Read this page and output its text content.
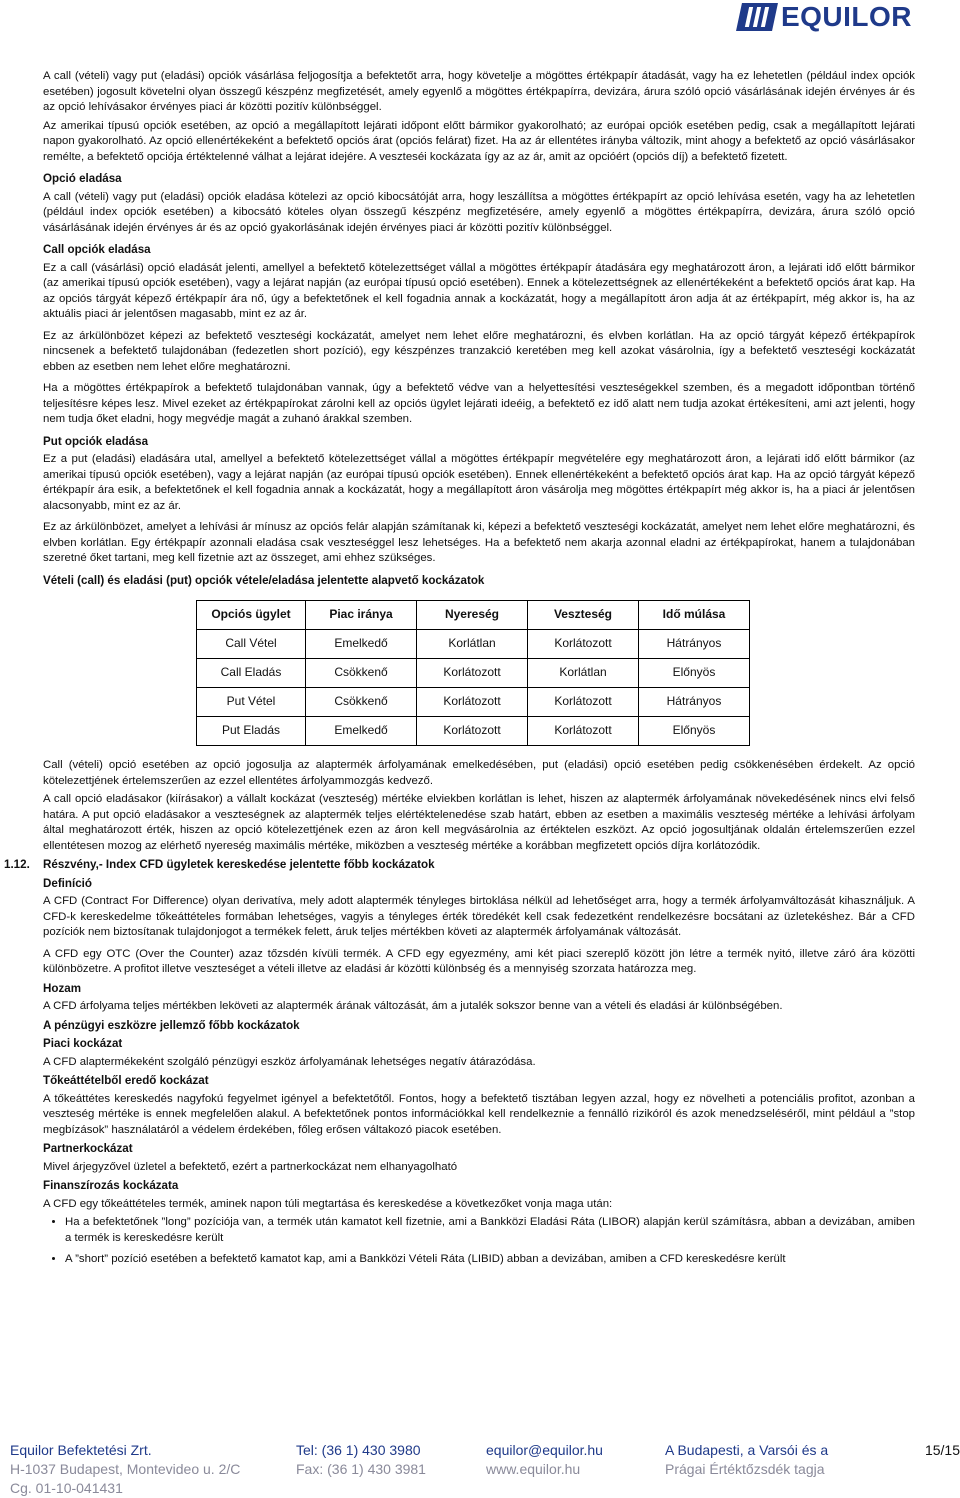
EQUILOR

A call (vételi) vagy put (eladási) opciók vásárlása feljogosítja a befektetőt arra, hogy követelje a mögöttes értékpapír átadását, vagy ha ez lehetetlen (például index opciók esetében) jogosult követelni olyan összegű készpénz megfizetését, amely egyenlő a mögöttes értékpapírra, devizára, árura szóló opció vásárlásának idején érvényes ár és az opció lehívásakor érvényes piaci ár közötti pozitív különbséggel.

Az amerikai típusú opciók esetében, az opció a megállapított lejárati időpont előtt bármikor gyakorolható; az európai opciók esetében pedig, csak a megállapított lejárati napon gyakorolható. Az opció ellenértékeként a befektető opciós árat (opciós felárat) fizet. Ha az ár ellentétes irányba változik, mint ahogy a befektető az opció vásárlásakor remélte, a befektető opciója értéktelenné válhat a lejárat idejére. A veszteséi kockázata így az az ár, amit az opcióért (opciós díj) a befektető fizetett.

Opció eladása

A call (vételi) vagy put (eladási) opciók eladása kötelezi az opció kibocsátóját arra, hogy leszállítsa a mögöttes értékpapírt az opció lehívása esetén, vagy ha az lehetetlen (például index opciók esetében) a kibocsátó köteles olyan összegű készpénz megfizetésére, amely egyenlő a mögöttes értékpapírra, devizára, árura szóló opció vásárlásának idején érvényes ár és az opció gyakorlásának idején érvényes piaci ár közötti pozitív különbséggel.

Call opciók eladása

Ez a call (vásárlási) opció eladását jelenti, amellyel a befektető kötelezettséget vállal a mögöttes értékpapír átadására egy meghatározott áron, a lejárati idő előtt bármikor (az amerikai típusú opciók esetében), vagy a lejárat napján (az európai típusú opció esetében). Ennek a kötelezettségnek az ellenértékeként a befektető opciós árat kap. Ha az opciós tárgyát képező értékpapír ára nő, úgy a befektetőnek el kell fogadnia annak a kockázatát, hogy a megállapított áron adja át az értékpapírt, még akkor is, ha az aktuális piaci ár jelentősen magasabb, mint ez az ár.

Ez az árkülönbözet képezi az befektető veszteségi kockázatát, amelyet nem lehet előre meghatározni, és elvben korlátlan. Ha az opció tárgyát képező értékpapírok nincsenek a befektető tulajdonában (fedezetlen short pozíció), egy készpénzes tranzakció keretében meg kell azokat vásárolnia, így a befektető veszteségi kockázatát ebben az esetben nem lehet előre meghatározni.

Ha a mögöttes értékpapírok a befektető tulajdonában vannak, úgy a befektető védve van a helyettesítési veszteségekkel szemben, és a megadott időpontban történő teljesítésre képes lesz. Mivel ezeket az értékpapírokat zárolni kell az opciós ügylet lejárati ideéig, a befektető ez idő alatt nem tudja azokat értékesíteni, ami azt jelenti, hogy nem tudja őket eladni, hogy megvédje magát a zuhanó árakkal szemben.

Put opciók eladása

Ez a put (eladási) eladására utal, amellyel a befektető kötelezettséget vállal a mögöttes értékpapír megvételére egy meghatározott áron, a lejárati idő előtt bármikor (az amerikai típusú opciók esetében), vagy a lejárat napján (az európai típusú opciók esetében). Ennek ellenértékeként a befektető opciós árat kap. Ha az opció tárgyát képező értékpapír ára esik, a befektetőnek el kell fogadnia annak a kockázatát, hogy a megállapított áron vásárolja meg mögöttes értékpapírt még akkor is, ha a piaci ár jelentősen alacsonyabb, mint ez az ár.

Ez az árkülönbözet, amelyet a lehívási ár mínusz az opciós felár alapján számítanak ki, képezi a befektető veszteségi kockázatát, amelyet nem lehet előre meghatározni, és elvben korlátlan. Egy értékpapír azonnali eladása csak veszteséggel lesz lehetséges. Ha a befektető nem akarja azonnal eladni az értékpapírokat, hanem a tulajdonában szeretné őket tartani, meg kell fizetnie azt az összeget, ami ehhez szükséges.

Vételi (call) és eladási (put) opciók vétele/eladása jelentette alapvető kockázatok
Opciós ügylet	Piac iránya	Nyereség	Veszteség	Idő múlása
Call Vétel	Emelkedő	Korlátlan	Korlátozott	Hátrányos
Call Eladás	Csökkenő	Korlátozott	Korlátlan	Előnyös
Put Vétel	Csökkenő	Korlátozott	Korlátozott	Hátrányos
Put Eladás	Emelkedő	Korlátozott	Korlátozott	Előnyös

Call (vételi) opció esetében az opció jogosulja az alaptermék árfolyamának emelkedésében, put (eladási) opció esetében pedig csökkenésében érdekelt. Az opció kötelezettjének értelemszerűen az ezzel ellentétes árfolyammozgás kedvező.

A call opció eladásakor (kiírásakor) a vállalt kockázat (veszteség) mértéke elviekben korlátlan is lehet, hiszen az alaptermék árfolyamának növekedésének nincs elvi felső határa. A put opció eladásakor a veszteségnek az alaptermék teljes elértéktelenedése szab határt, ebben az esetben a maximális veszteség mértéke a lehívási árfolyam által meghatározott érték, hiszen az opció kötelezettjének ezen az áron kell megvásárolnia az értéktelen eszközt. Az opció jogosultjának oldalán értelemszerűen ezzel ellentétesen mozog az elérhető nyereség maximális mértéke, miközben a veszteség mértéke a korábban megfizetett opciós díjra korlátozódik.

1.12.	Részvény,- Index CFD ügyletek kereskedése jelentette főbb kockázatok
Definíció

A CFD (Contract For Difference) olyan derivatíva, mely adott alaptermék tényleges birtoklása nélkül ad lehetőséget arra, hogy a termék árfolyamváltozását kihasználjuk. A CFD-k kereskedelme tőkeáttételes formában lehetséges, vagyis a tényleges érték töredékét kell csak fedezetként rendelkezésre bocsátani az üzletekéshez. Bár a CFD pozíciók nem biztosítanak tulajdonjogot a termékek felett, áruk teljes mértékben követi az alaptermék árfolyamának változását.

A CFD egy OTC (Over the Counter) azaz tőzsdén kívüli termék. A CFD egy egyezmény, ami két piaci szereplő között jön létre a termék nyitó, illetve záró ára közötti különbözetre. A profitot illetve veszteséget a vételi illetve az eladási ár közötti különbség és a mennyiség szorzata határozza meg.

Hozam

A CFD árfolyama teljes mértékben leköveti az alaptermék árának változását, ám a jutalék sokszor benne van a vételi és eladási ár különbségében.

A pénzügyi eszközre jellemző főbb kockázatok
Piaci kockázat

A CFD alaptermékeként szolgáló pénzügyi eszköz árfolyamának lehetséges negatív átárazódása.

Tőkeáttételből eredő kockázat

A tőkeáttétes kereskedés nagyfokú fegyelmet igényel a befektetőtől. Fontos, hogy a befektető tisztában legyen azzal, hogy ez növelheti a potenciális profitot, azonban a veszteség mértéke is ennek megfelelően alakul. A befektetőnek pontos információkkal kell rendelkeznie a fennálló rizikóról és azok menedzseléséről, mint például a ”stop megbízások” használatáról a védelem érdekében, főleg erősen váltakozó piacok esetében.

Partnerkockázat

Mivel árjegyzővel üzletel a befektető, ezért a partnerkockázat nem elhanyagolható

Finanszírozás kockázata

A CFD egy tőkeáttételes termék, aminek napon túli megtartása és kereskedése a következőket vonja maga után:

• Ha a befektetőnek ”long” pozíciója van, a termék után kamatot kell fizetnie, ami a Bankközi Eladási Ráta (LIBOR) alapján kerül számításra, abban a devizában, amiben a termék is kereskedésre került
• A ”short” pozíció esetében a befektető kamatot kap, ami a Bankközi Vételi Ráta (LIBID) abban a devizában, amiben a CFD kereskedésre került
Equilor Befektetési Zrt.
H-1037 Budapest, Montevideo u. 2/C
Cg. 01-10-041431
Tel: (36 1) 430 3980
Fax: (36 1) 430 3981
equilor@equilor.hu
www.equilor.hu
A Budapesti, a Varsói és a
Prágai Értéktőzsdék tagja
15/15
